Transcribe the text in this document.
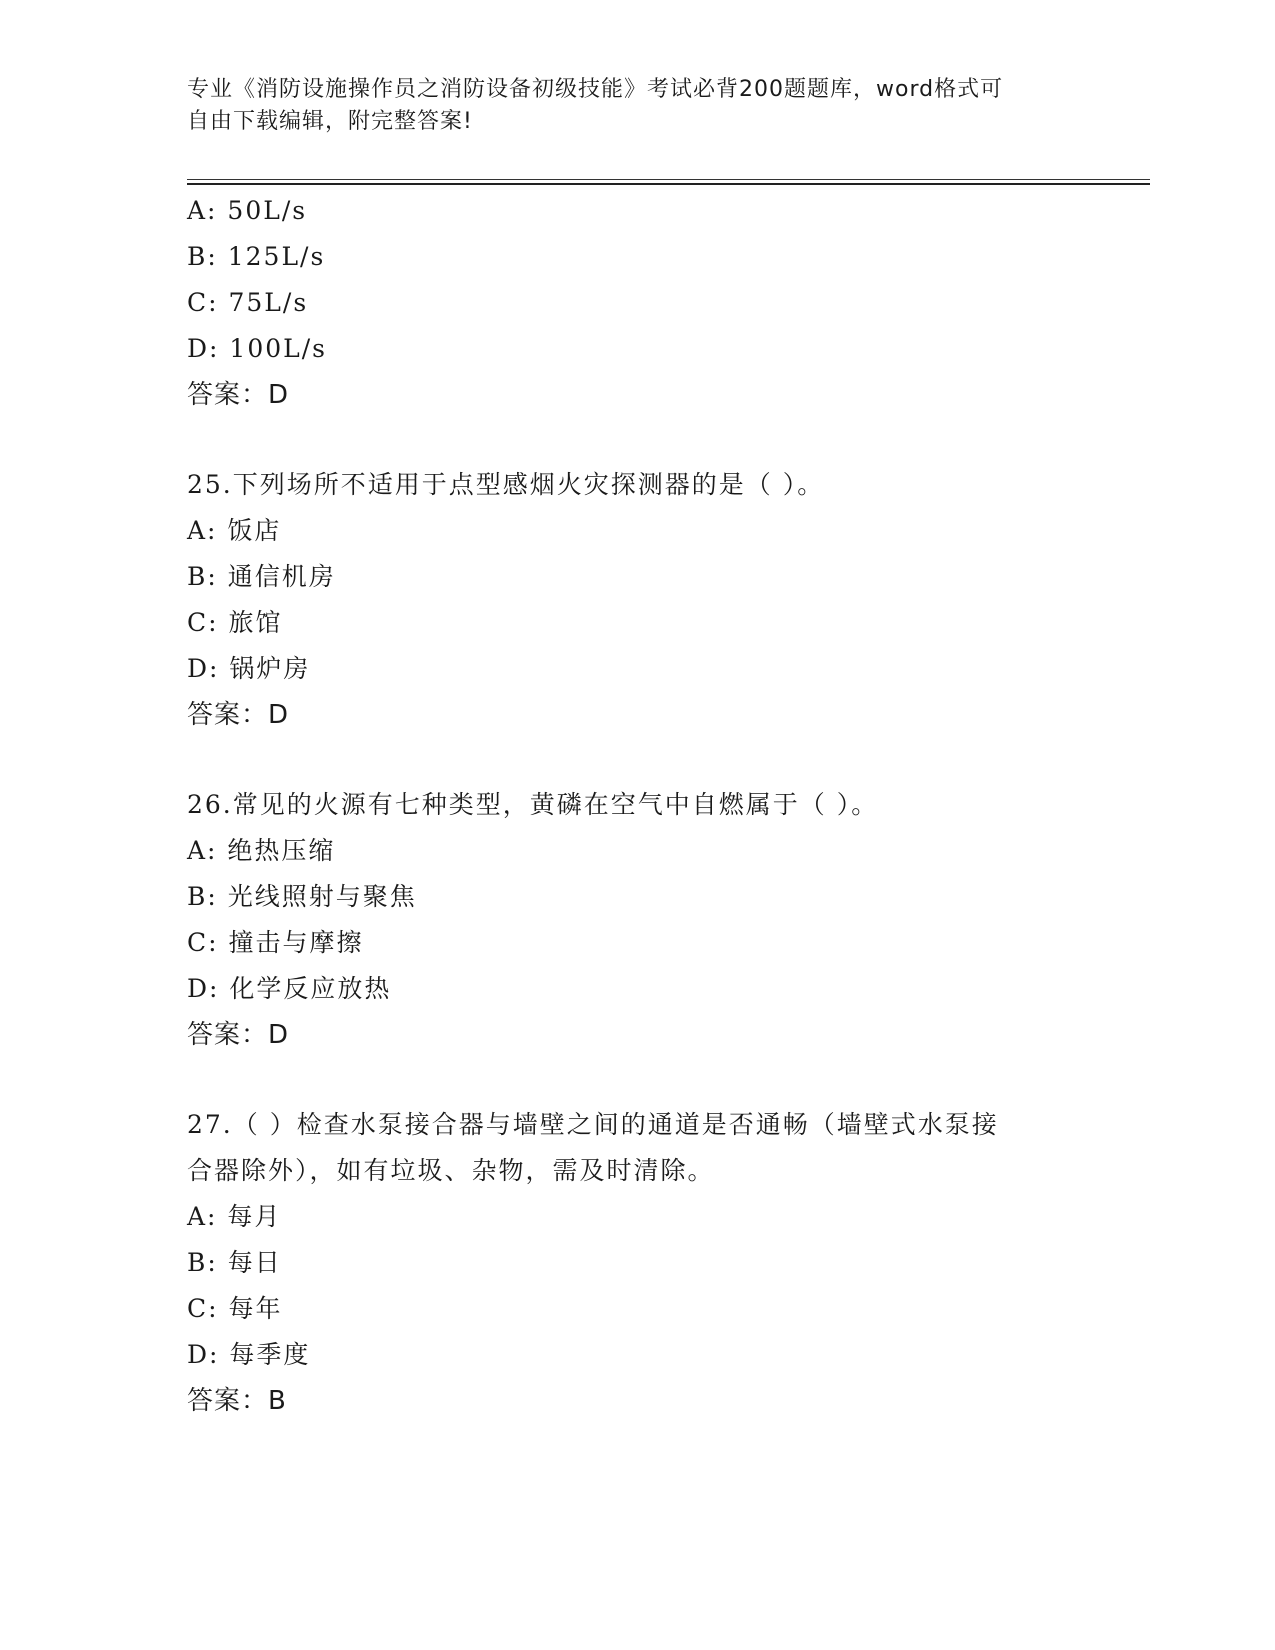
专业《消防设施操作员之消防设备初级技能》考试必背200题题库，word格式可
自由下载编辑，附完整答案!
A: 50L/s
B: 125L/s
C: 75L/s
D: 100L/s
答案：D
25.下列场所不适用于点型感烟火灾探测器的是（ ）。
A: 饭店
B: 通信机房
C: 旅馆
D: 锅炉房
答案：D
26.常见的火源有七种类型，黄磷在空气中自燃属于（ ）。
A: 绝热压缩
B: 光线照射与聚焦
C: 撞击与摩擦
D: 化学反应放热
答案：D
27.（ ）检查水泵接合器与墙壁之间的通道是否通畅（墙壁式水泵接
合器除外），如有垃圾、杂物，需及时清除。
A: 每月
B: 每日
C: 每年
D: 每季度
答案：B
